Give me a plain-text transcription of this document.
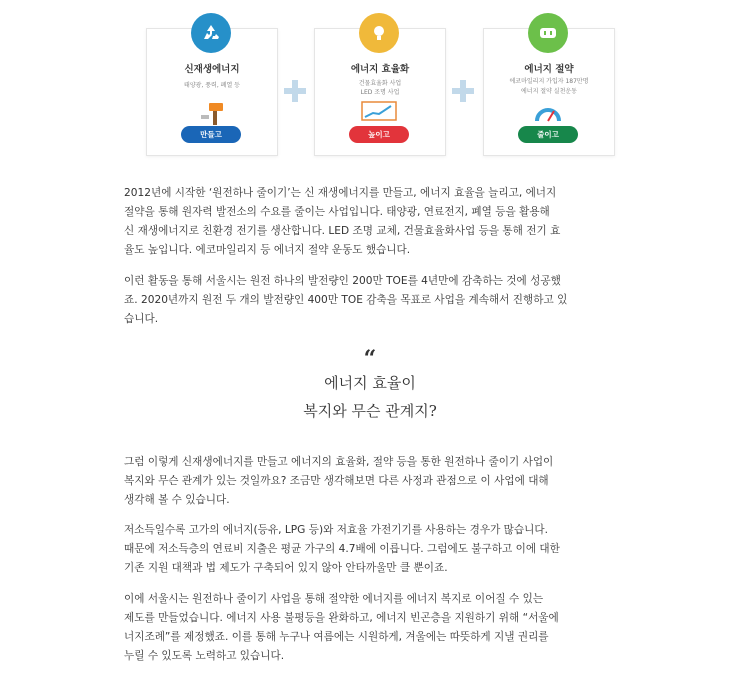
신재생에너지
태양광, 풍력, 폐열 등
만들고
에너지 효율화
건물효율화 사업
LED 조명 사업
높이고
에너지 절약
에코마일리지 가입자 187만명
에너지 절약 실천운동
줄이고
2012년에 시작한 ‘원전하나 줄이기’는 신 재생에너지를 만들고, 에너지 효율을 늘리고, 에너지
절약을 통해 원자력 발전소의 수요를 줄이는 사업입니다. 태양광, 연료전지, 폐열 등을 활용해
신 재생에너지로 친환경 전기를 생산합니다. LED 조명 교체, 건물효율화사업 등을 통해 전기 효
율도 높입니다. 에코마일리지 등 에너지 절약 운동도 했습니다.
이런 활동을 통해 서울시는 원전 하나의 발전량인 200만 TOE를 4년만에 감축하는 것에 성공했
죠. 2020년까지 원전 두 개의 발전량인 400만 TOE 감축을 목표로 사업을 계속해서 진행하고 있
습니다.
“
에너지 효율이
복지와 무슨 관계지?
그럼 이렇게 신재생에너지를 만들고 에너지의 효율화, 절약 등을 통한 원전하나 줄이기 사업이
복지와 무슨 관계가 있는 것일까요? 조금만 생각해보면 다른 사정과 관점으로 이 사업에 대해
생각해 볼 수 있습니다.
저소득일수록 고가의 에너지(등유, LPG 등)와 저효율 가전기기를 사용하는 경우가 많습니다.
때문에 저소득층의 연료비 지출은 평균 가구의 4.7배에 이릅니다. 그럼에도 불구하고 이에 대한
기존 지원 대책과 법 제도가 구축되어 있지 않아 안타까울만 클 뿐이죠.
이에 서울시는 원전하나 줄이기 사업을 통해 절약한 에너지를 에너지 복지로 이어질 수 있는
제도를 만들었습니다. 에너지 사용 불평등을 완화하고, 에너지 빈곤층을 지원하기 위해 “서울에
너지조례”를 제정했죠. 이를 통해 누구나 여름에는 시원하게, 겨울에는 따뜻하게 지낼 권리를
누릴 수 있도록 노력하고 있습니다.
